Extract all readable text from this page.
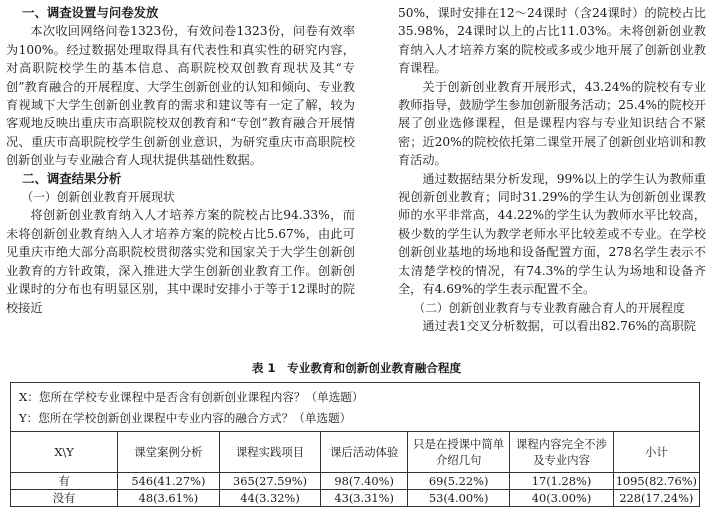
一、调查设置与问卷发放

本次收回网络问卷1323份，有效问卷1323份，问卷有效率为100%。经过数据处理取得具有代表性和真实性的研究内容，对高职院校学生的基本信息、高职院校双创教育现状及其“专创”教育融合的开展程度、大学生创新创业的认知和倾向、专业教育视域下大学生创新创业教育的需求和建议等有一定了解，较为客观地反映出重庆市高职院校双创教育和“专创”教育融合开展情况、重庆市高职院校学生创新创业意识，为研究重庆市高职院校创新创业与专业融合育人现状提供基础性数据。

二、调查结果分析
（一）创新创业教育开展现状

将创新创业教育纳入人才培养方案的院校占比94.33%，而未将创新创业教育纳入人才培养方案的院校占比5.67%，由此可见重庆市绝大部分高职院校贯彻落实党和国家关于大学生创新创业教育的方针政策，深入推进大学生创新创业教育工作。创新创业课时的分布也有明显区别，其中课时安排小于等于12课时的院校接近

50%，课时安排在12～24课时（含24课时）的院校占比35.98%，24课时以上的占比11.03%。未将创新创业教育纳入人才培养方案的院校或多或少地开展了创新创业教育课程。

关于创新创业教育开展形式，43.24%的院校有专业教师指导，鼓励学生参加创新服务活动；25.4%的院校开展了创业选修课程，但是课程内容与专业知识结合不紧密；近20%的院校依托第二课堂开展了创新创业培训和教育活动。

通过数据结果分析发现，99%以上的学生认为教师重视创新创业教育；同时31.29%的学生认为创新创业课教师的水平非常高，44.22%的学生认为教师水平比较高，极少数的学生认为教学老师水平比较差或不专业。在学校创新创业基地的场地和设备配置方面，278名学生表示不太清楚学校的情况，有74.3%的学生认为场地和设备齐全，有4.69%的学生表示配置不全。

（二）创新创业教育与专业教育融合育人的开展程度

通过表1交叉分析数据，可以看出82.76%的高职院

表 1　专业教育和创新创业教育融合程度
X：您所在学校专业课程中是否含有创新创业课程内容？（单选题）
Y：您所在学校创新创业课程中专业内容的融合方式？（单选题）
X\Y	课堂案例分析	课程实践项目	课后活动体验	只是在授课中简单介绍几句	课程内容完全不涉及专业内容	小计
有	546(41.27%)	365(27.59%)	98(7.40%)	69(5.22%)	17(1.28%)	1095(82.76%)
没有	48(3.61%)	44(3.32%)	43(3.31%)	53(4.00%)	40(3.00%)	228(17.24%)
